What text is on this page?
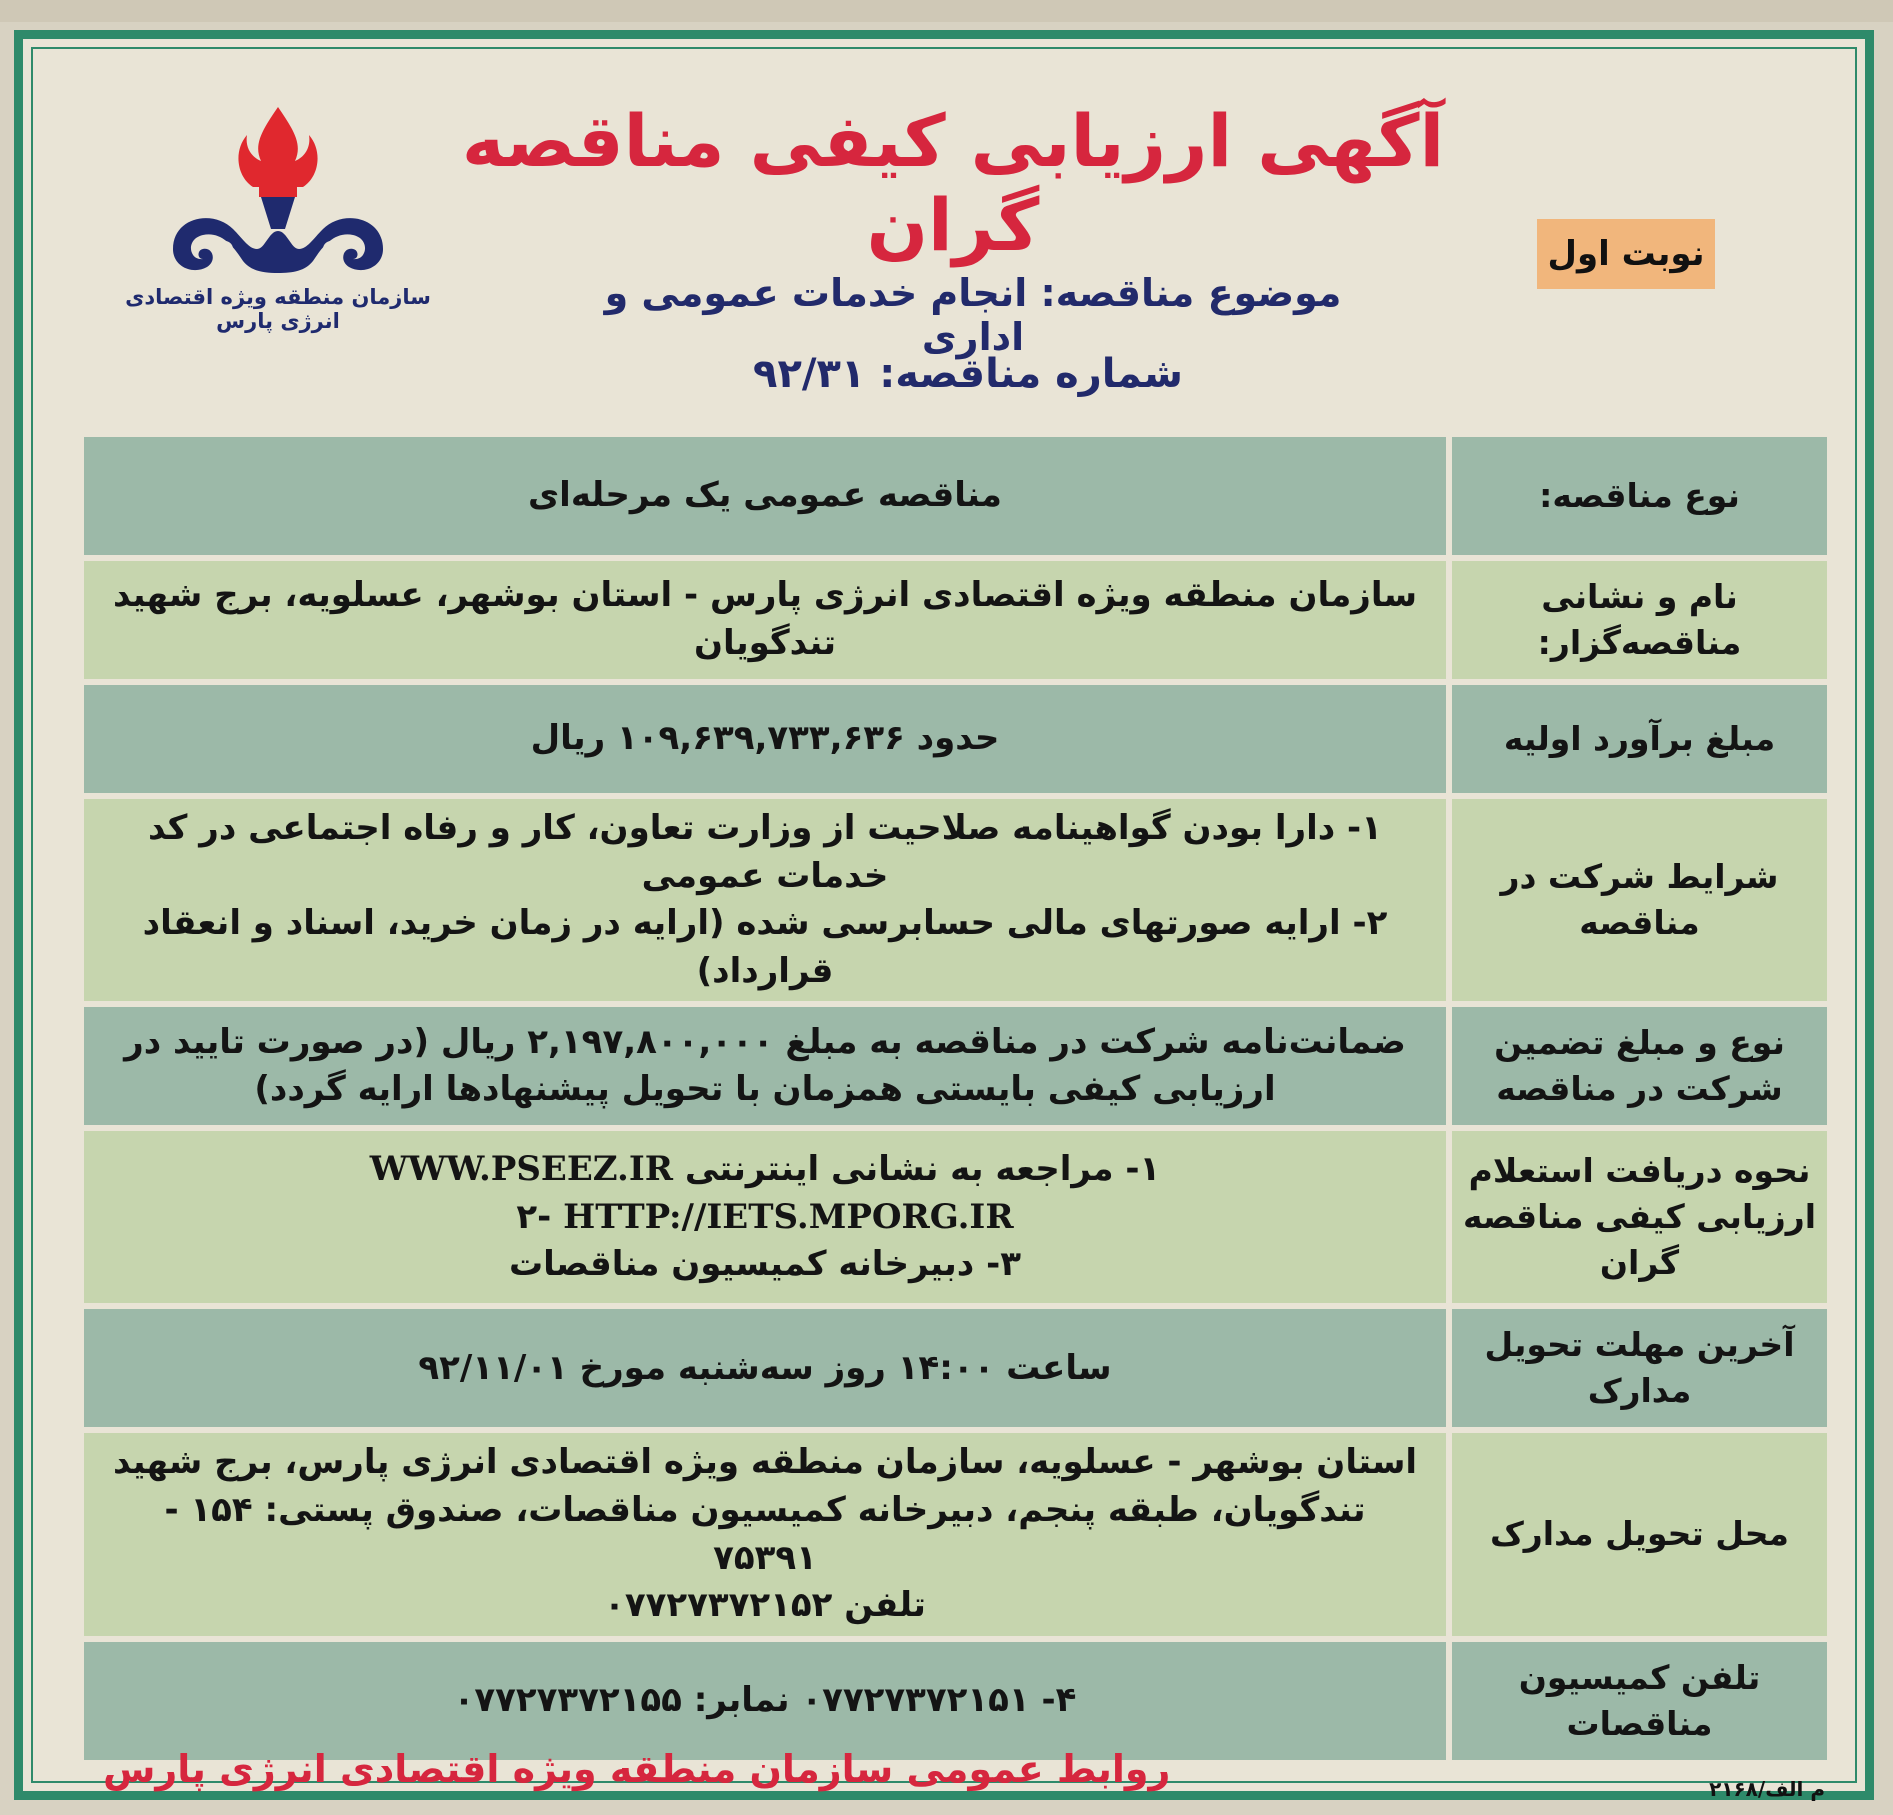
آگهی ارزیابی کیفی مناقصه گران
سازمان منطقه ویژه اقتصادی انرژی پارس
نوبت اول
موضوع مناقصه: انجام خدمات عمومی و اداری
شماره مناقصه: ۹۲/۳۱
نوع مناقصه:	مناقصه عمومی یک مرحله‌ای
نام و نشانی مناقصه‌گزار:	سازمان منطقه ویژه اقتصادی انرژی پارس - استان بوشهر، عسلویه، برج شهید تندگویان
مبلغ برآورد اولیه	حدود ۱۰۹,۶۳۹,۷۳۳,۶۳۶ ریال
شرایط شرکت در مناقصه	۱- دارا بودن گواهینامه صلاحیت از وزارت تعاون، کار و رفاه اجتماعی در کد خدمات عمومی
۲- ارایه صورتهای مالی حسابرسی شده (ارایه در زمان خرید، اسناد و انعقاد قرارداد)

نوع و مبلغ تضمین شرکت در مناقصه	ضمانت‌نامه شرکت در مناقصه به مبلغ ۲,۱۹۷,۸۰۰,۰۰۰ ریال (در صورت تایید در ارزیابی کیفی بایستی همزمان با تحویل پیشنهادها ارایه گردد)
نحوه دریافت استعلام ارزیابی کیفی مناقصه گران	۱- مراجعه به نشانی اینترنتی WWW.PSEEZ.IR
HTTP://IETS.MPORG.IR -۲
۳- دبیرخانه کمیسیون مناقصات

آخرین مهلت تحویل مدارک	ساعت ۱۴:۰۰ روز سه‌شنبه مورخ ۹۲/۱۱/۰۱
محل تحویل مدارک	استان بوشهر - عسلویه، سازمان منطقه ویژه اقتصادی انرژی پارس، برج شهید تندگویان، طبقه پنجم، دبیرخانه کمیسیون مناقصات، صندوق پستی: ۱۵۴ - ۷۵۳۹۱
تلفن ۰۷۷۲۷۳۷۲۱۵۲

تلفن کمیسیون مناقصات	۴- ۰۷۷۲۷۳۷۲۱۵۱ نمابر: ۰۷۷۲۷۳۷۲۱۵۵
روابط عمومی سازمان منطقه ویژه اقتصادی انرژی پارس	م الف/۲۱۶۸
